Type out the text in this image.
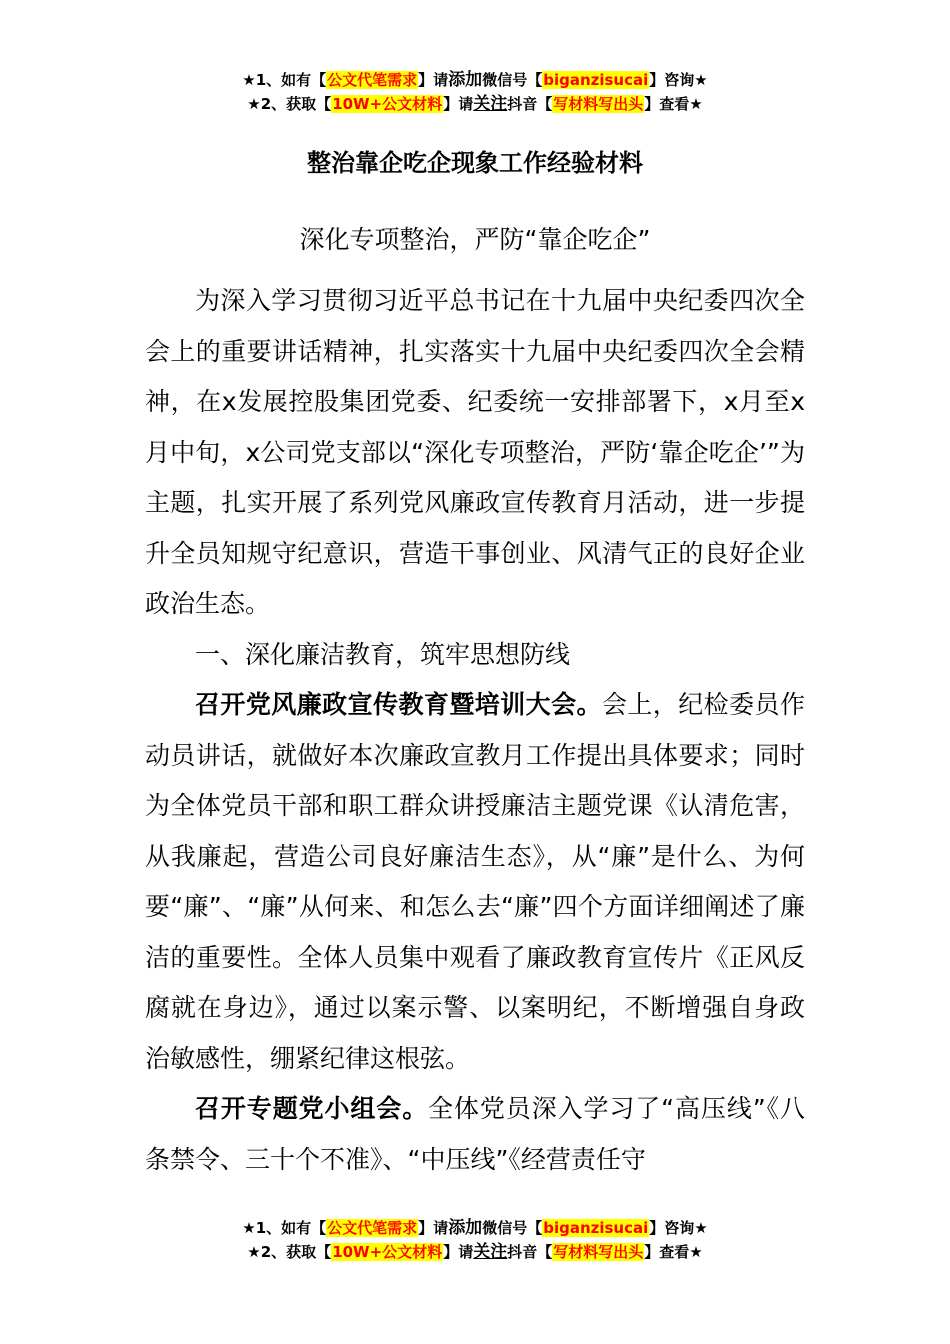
★1、如有【公文代笔需求】请添加微信号【biganzisucai】咨询★
★2、获取【10W+公文材料】请关注抖音【写材料写出头】查看★
整治靠企吃企现象工作经验材料
深化专项整治，严防“靠企吃企”

为深入学习贯彻习近平总书记在十九届中央纪委四次全会上的重要讲话精神，扎实落实十九届中央纪委四次全会精神，在x发展控股集团党委、纪委统一安排部署下，x月至x月中旬，x公司党支部以“深化专项整治，严防‘靠企吃企’”为主题，扎实开展了系列党风廉政宣传教育月活动，进一步提升全员知规守纪意识，营造干事创业、风清气正的良好企业政治生态。

一、深化廉洁教育，筑牢思想防线

召开党风廉政宣传教育暨培训大会。会上，纪检委员作动员讲话，就做好本次廉政宣教月工作提出具体要求；同时为全体党员干部和职工群众讲授廉洁主题党课《认清危害，从我廉起，营造公司良好廉洁生态》，从“廉”是什么、为何要“廉”、“廉”从何来、和怎么去“廉”四个方面详细阐述了廉洁的重要性。全体人员集中观看了廉政教育宣传片《正风反腐就在身边》，通过以案示警、以案明纪，不断增强自身政治敏感性，绷紧纪律这根弦。

召开专题党小组会。全体党员深入学习了“高压线”《八条禁令、三十个不准》、“中压线”《经营责任守

★1、如有【公文代笔需求】请添加微信号【biganzisucai】咨询★
★2、获取【10W+公文材料】请关注抖音【写材料写出头】查看★
